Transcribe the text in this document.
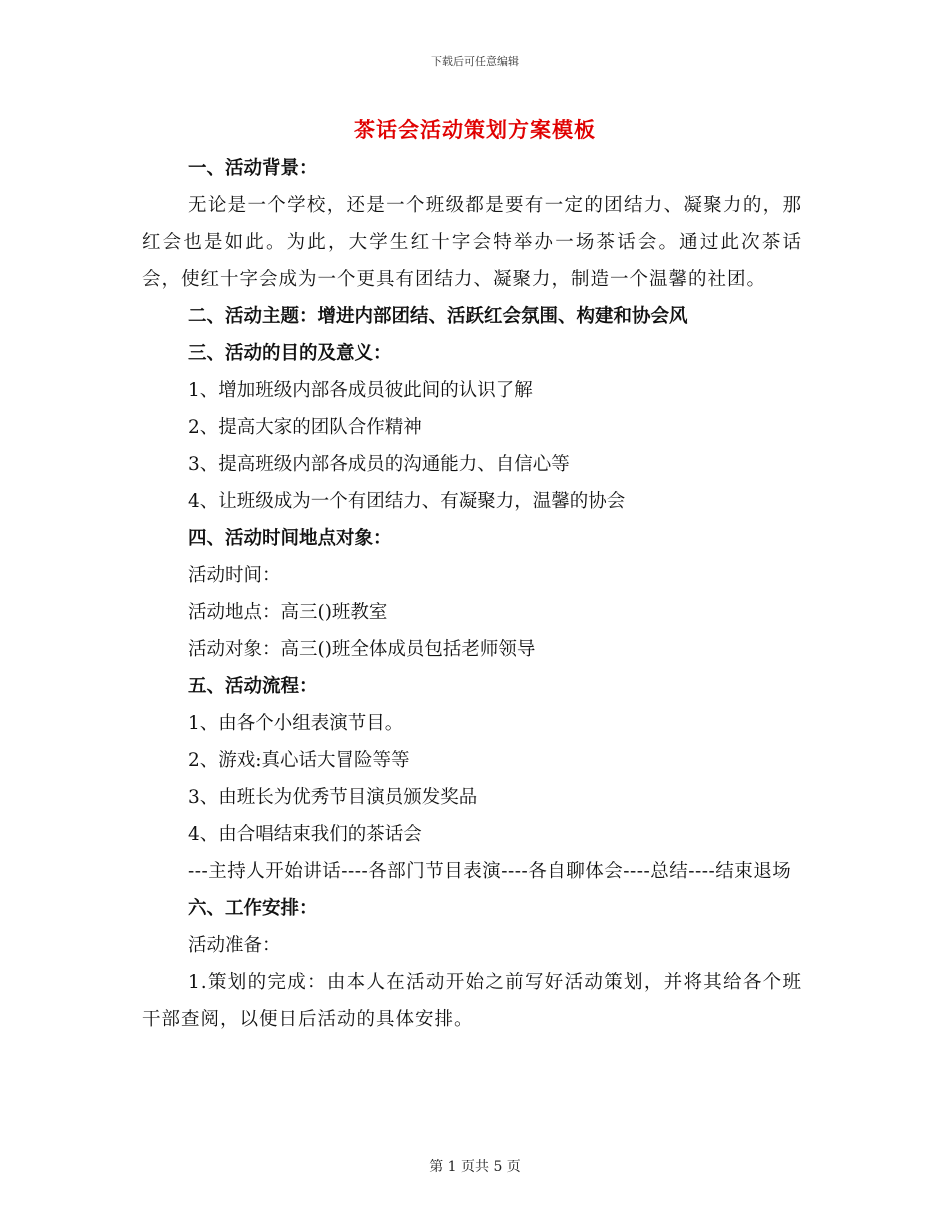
下载后可任意编辑
茶话会活动策划方案模板
一、活动背景：
无论是一个学校，还是一个班级都是要有一定的团结力、凝聚力的，那红会也是如此。为此，大学生红十字会特举办一场茶话会。通过此次茶话会，使红十字会成为一个更具有团结力、凝聚力，制造一个温馨的社团。
二、活动主题：增进内部团结、活跃红会氛围、构建和协会风
三、活动的目的及意义：
1、增加班级内部各成员彼此间的认识了解
2、提高大家的团队合作精神
3、提高班级内部各成员的沟通能力、自信心等
4、让班级成为一个有团结力、有凝聚力，温馨的协会
四、活动时间地点对象：
活动时间：
活动地点：高三()班教室
活动对象：高三()班全体成员包括老师领导
五、活动流程：
1、由各个小组表演节目。
2、游戏:真心话大冒险等等
3、由班长为优秀节目演员颁发奖品
4、由合唱结束我们的茶话会
---主持人开始讲话----各部门节目表演----各自聊体会----总结----结束退场
六、工作安排：
活动准备：
1.策划的完成：由本人在活动开始之前写好活动策划，并将其给各个班干部查阅，以便日后活动的具体安排。
第 1 页共 5 页
